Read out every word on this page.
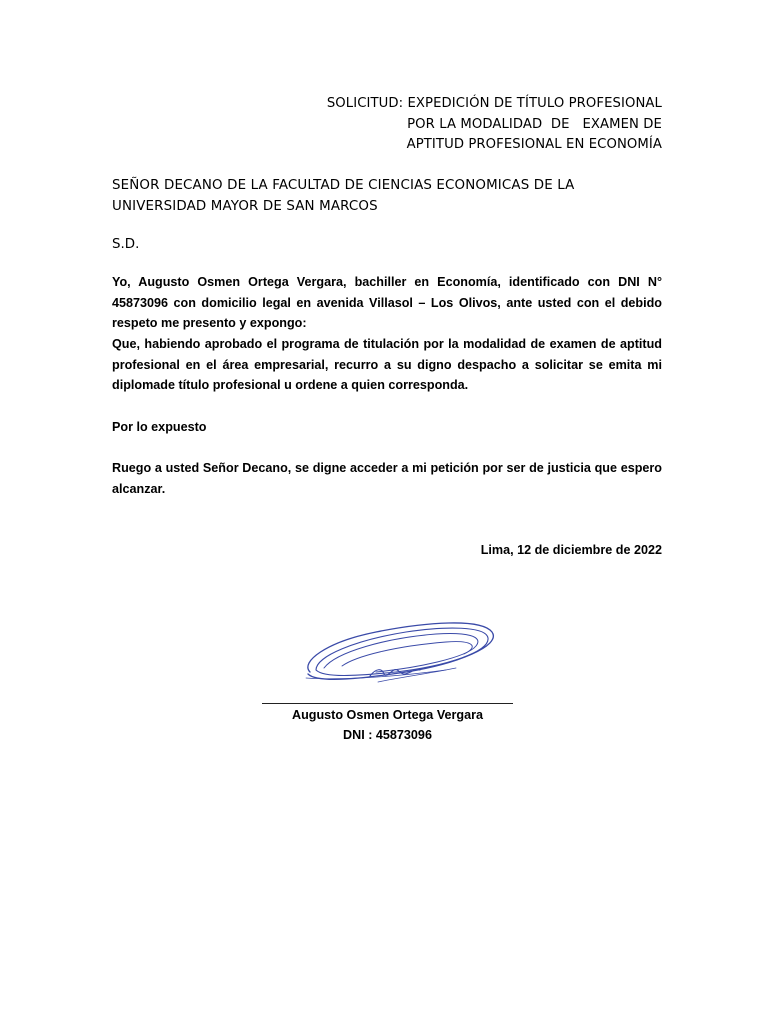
SOLICITUD: EXPEDICIÓN DE TÍTULO PROFESIONAL
POR LA MODALIDAD  DE   EXAMEN DE
APTITUD PROFESIONAL EN ECONOMÍA
SEÑOR DECANO DE LA FACULTAD DE CIENCIAS ECONOMICAS DE LA
UNIVERSIDAD MAYOR DE SAN MARCOS
S.D.
Yo, Augusto Osmen Ortega Vergara, bachiller en Economía, identificado con DNI N° 45873096 con domicilio legal en avenida Villasol – Los Olivos, ante usted con el debido respeto me presento y expongo:
Que, habiendo aprobado el programa de titulación por la modalidad de examen de aptitud profesional en el área empresarial, recurro a su digno despacho a solicitar se emita mi diplomade título profesional u ordene a quien corresponda.
Por lo expuesto
Ruego a usted Señor Decano, se digne acceder a mi petición por ser de justicia que espero alcanzar.
Lima, 12 de diciembre de 2022
Augusto Osmen Ortega Vergara
DNI : 45873096
